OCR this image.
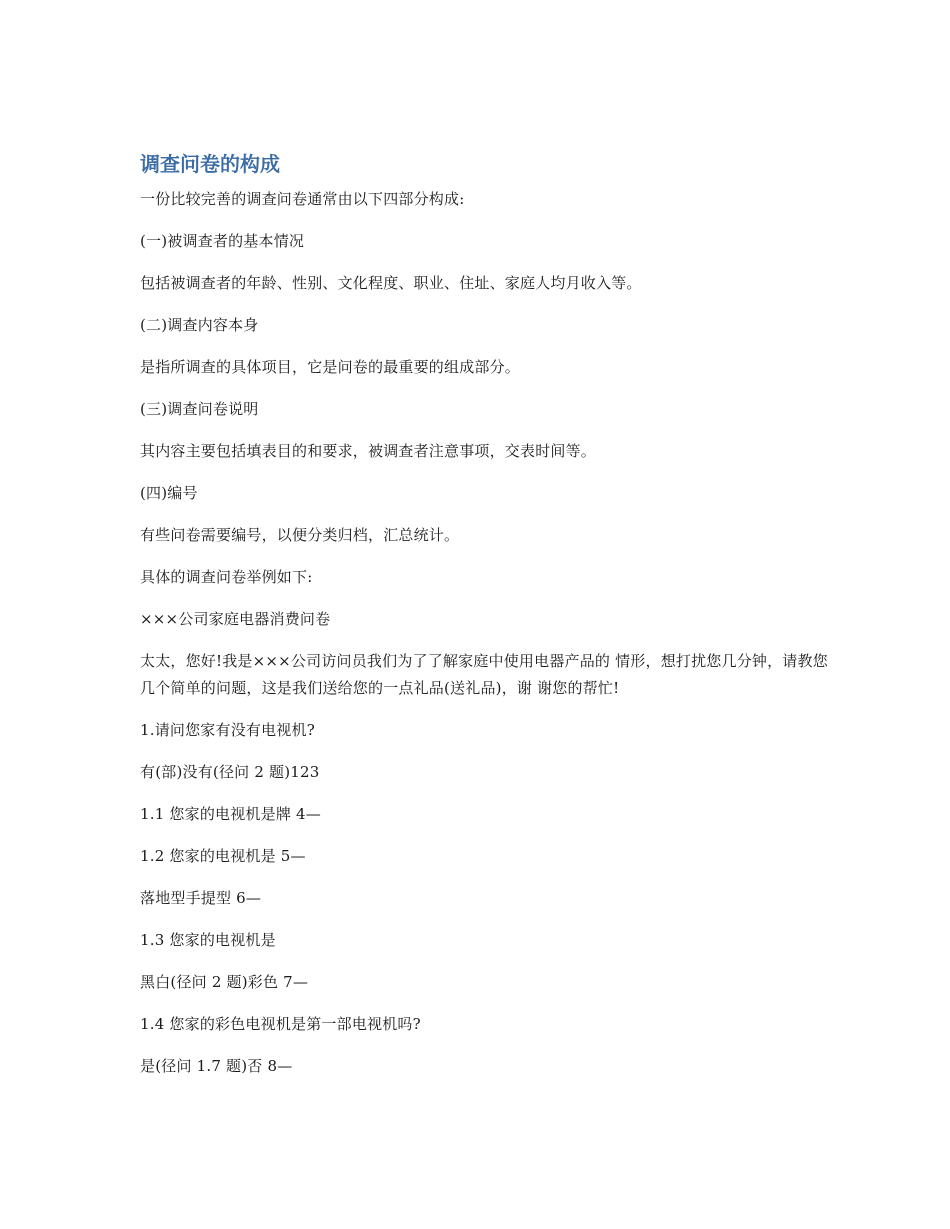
调查问卷的构成

一份比较完善的调查问卷通常由以下四部分构成:

(一)被调查者的基本情况

包括被调查者的年龄、性别、文化程度、职业、住址、家庭人均月收入等。

(二)调查内容本身

是指所调查的具体项目，它是问卷的最重要的组成部分。

(三)调查问卷说明

其内容主要包括填表目的和要求，被调查者注意事项，交表时间等。

(四)编号

有些问卷需要编号，以便分类归档，汇总统计。

具体的调查问卷举例如下:

×××公司家庭电器消费问卷

太太，您好!我是×××公司访问员我们为了了解家庭中使用电器产品的 情形，想打扰您几分钟，请教您几个简单的问题，这是我们送给您的一点礼品(送礼品)，谢 谢您的帮忙!

1.请问您家有没有电视机?

有(部)没有(径问 2 题)123

1.1 您家的电视机是牌 4—

1.2 您家的电视机是 5—

落地型手提型 6—

1.3 您家的电视机是

黑白(径问 2 题)彩色 7—

1.4 您家的彩色电视机是第一部电视机吗?

是(径问 1.7 题)否 8—
